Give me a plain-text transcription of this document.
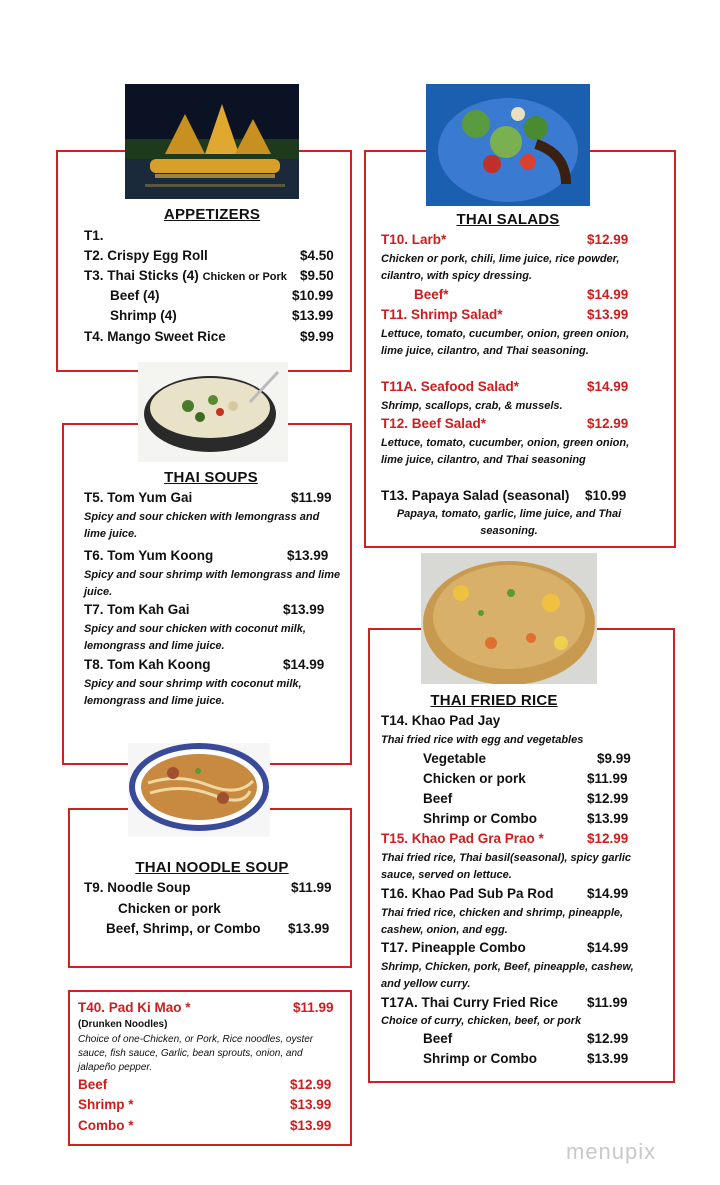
APPETIZERS
T1.
T2. Crispy Egg Roll	$4.50
T3. Thai Sticks (4) Chicken or Pork $9.50
Beef (4)	$10.99
Shrimp (4)	$13.99
T4. Mango Sweet Rice	$9.99
THAI SOUPS
T5. Tom Yum Gai	$11.99
Spicy and sour chicken with lemongrass and lime juice.
T6. Tom Yum Koong	$13.99
Spicy and sour shrimp with lemongrass and lime juice.
T7. Tom Kah Gai	$13.99
Spicy and sour chicken with coconut milk, lemongrass and lime juice.
T8. Tom Kah Koong	$14.99
Spicy and sour shrimp with coconut milk, lemongrass and lime juice.
THAI NOODLE SOUP
T9. Noodle Soup	$11.99
Chicken or pork
Beef, Shrimp, or Combo $13.99
T40. Pad Ki Mao *	$11.99
(Drunken Noodles)
Choice of one-Chicken, or Pork, Rice noodles, oyster sauce, fish sauce, Garlic, bean sprouts, onion, and jalapeño pepper.
Beef	$12.99
Shrimp *	$13.99
Combo *	$13.99
THAI SALADS
T10. Larb*	$12.99
Chicken or pork, chili, lime juice, rice powder, cilantro, with spicy dressing.
Beef*	$14.99
T11. Shrimp Salad*	$13.99
Lettuce, tomato, cucumber, onion, green onion, lime juice, cilantro, and Thai seasoning.
T11A. Seafood Salad*	$14.99
Shrimp, scallops, crab, & mussels.
T12. Beef Salad*	$12.99
Lettuce, tomato, cucumber, onion, green onion, lime juice, cilantro, and Thai seasoning
T13. Papaya Salad (seasonal) $10.99
Papaya, tomato, garlic, lime juice, and Thai seasoning.
THAI FRIED RICE
T14. Khao Pad Jay
Thai fried rice with egg and vegetables
Vegetable	$9.99
Chicken or pork	$11.99
Beef	$12.99
Shrimp or Combo	$13.99
T15. Khao Pad Gra Prao *	$12.99
Thai fried rice, Thai basil(seasonal), spicy garlic sauce, served on lettuce.
T16. Khao Pad Sub Pa Rod $14.99
Thai fried rice, chicken and shrimp, pineapple, cashew, onion, and egg.
T17. Pineapple Combo	$14.99
Shrimp, Chicken, pork, Beef, pineapple, cashew, and yellow curry.
T17A. Thai Curry Fried Rice $11.99
Choice of curry, chicken, beef, or pork
Beef	$12.99
Shrimp or Combo	$13.99
menupix
